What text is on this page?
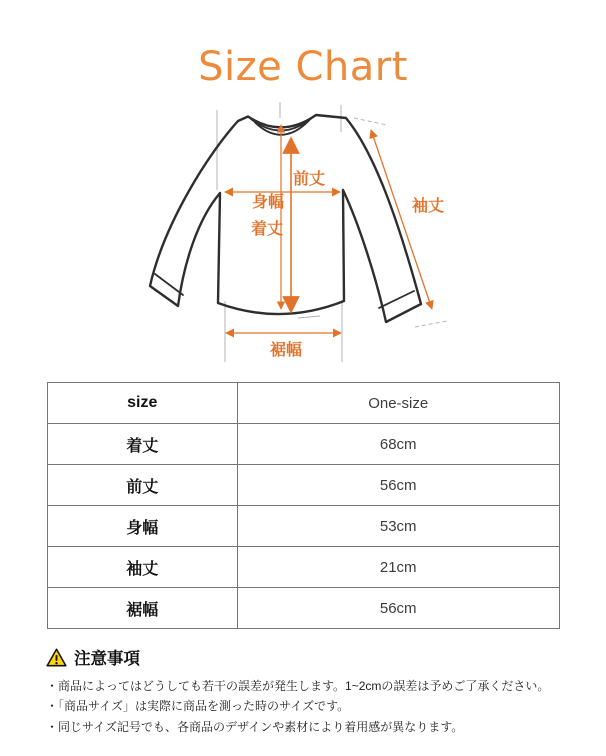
Size Chart
前丈
身幅
着丈
袖丈
裾幅
size	One-size
着丈	68cm
前丈	56cm
身幅	53cm
袖丈	21cm
裾幅	56cm
注意事項
・商品によってはどうしても若干の誤差が発生します。1~2cmの誤差は予めご了承ください。
・「商品サイズ」は実際に商品を測った時のサイズです。
・同じサイズ記号でも、各商品のデザインや素材により着用感が異なります。
